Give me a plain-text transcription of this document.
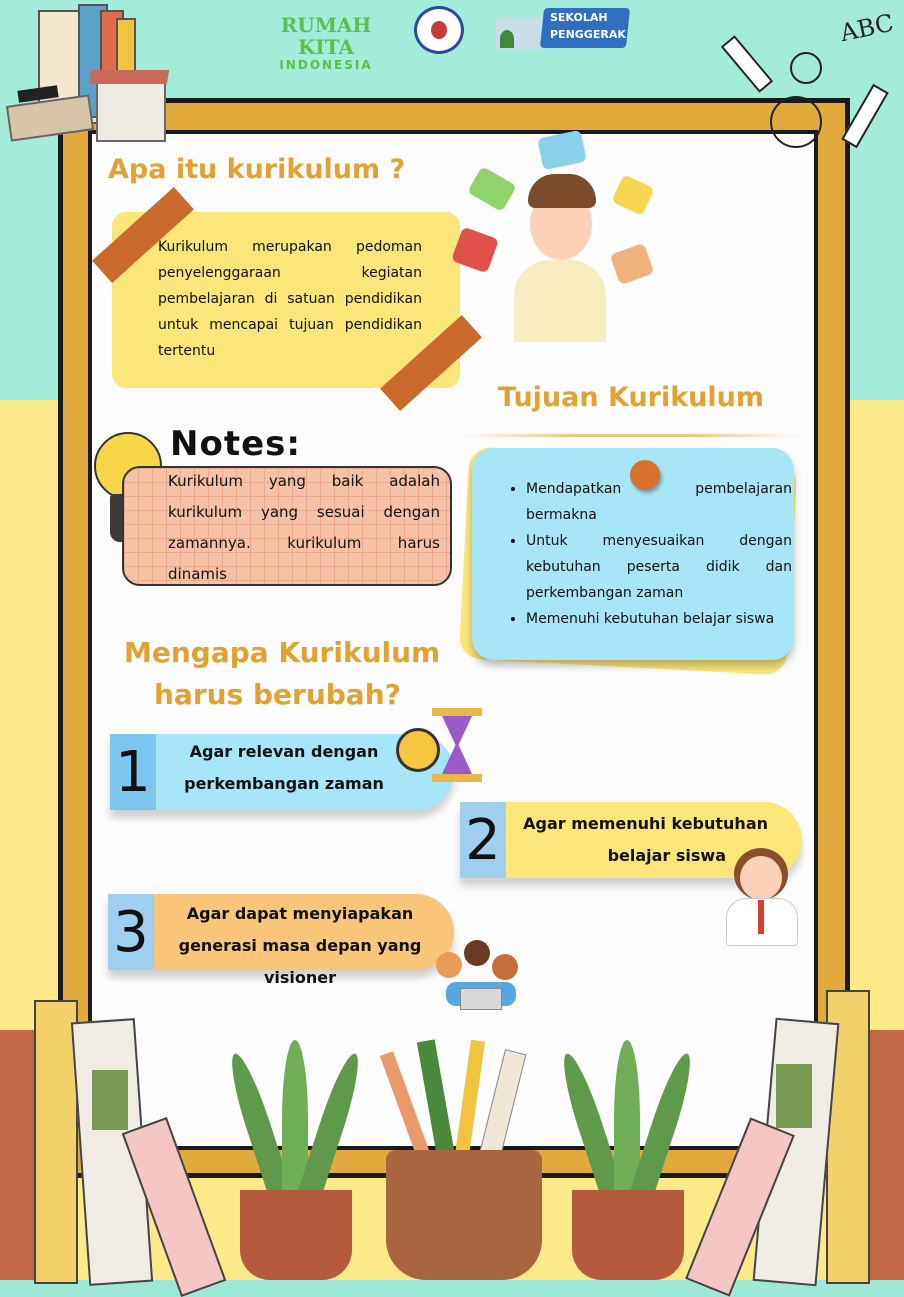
RUMAH KITA
INDONESIA
SEKOLAH
PENGGERAK	ABC
Apa itu kurikulum ?

Kurikulum merupakan pedoman penyelenggaraan kegiatan pembelajaran di satuan pendidikan untuk mencapai tujuan pendidikan tertentu

Tujuan Kurikulum
• Mendapatkan pembelajaran bermakna
• Untuk menyesuaikan dengan kebutuhan peserta didik dan perkembangan zaman
• Memenuhi kebutuhan belajar siswa
Notes:

Kurikulum yang baik adalah kurikulum yang sesuai dengan zamannya. kurikulum harus dinamis

Mengapa Kurikulum
harus berubah?
1	Agar relevan dengan
perkembangan zaman
2	Agar memenuhi kebutuhan
belajar siswa
3	Agar dapat menyiapakan
generasi masa depan yang visioner
